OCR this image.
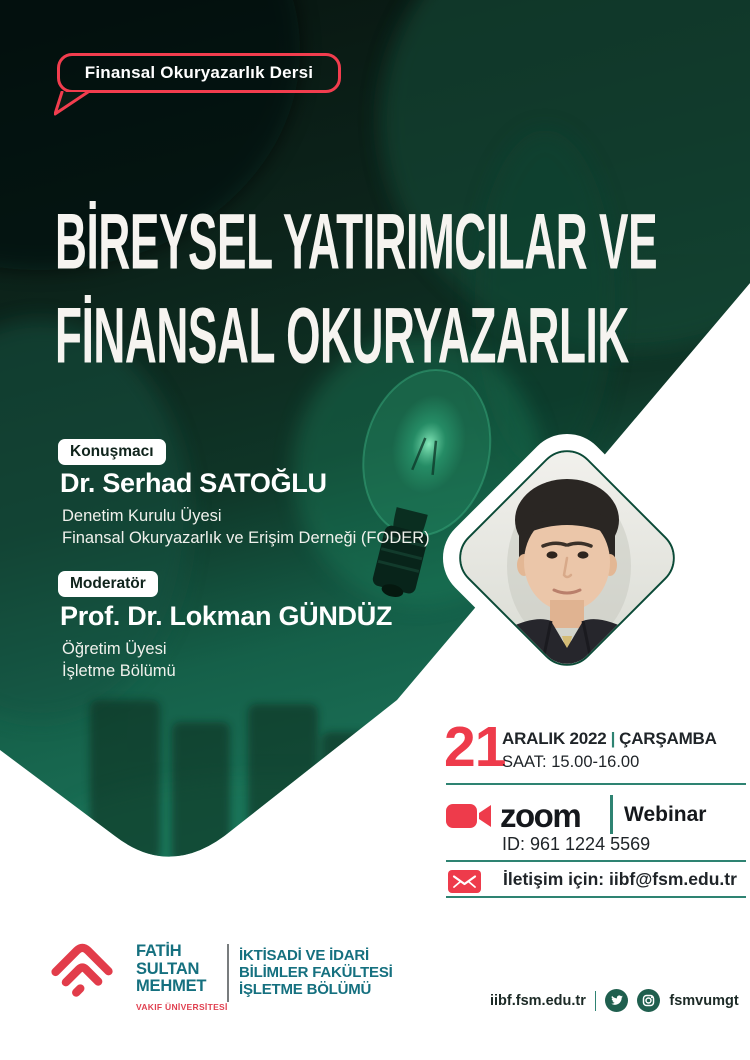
Finansal Okuryazarlık Dersi
BİREYSEL YATIRIMCILAR VE
FİNANSAL OKURYAZARLIK
Konuşmacı
Dr. Serhad SATOĞLU
Denetim Kurulu Üyesi
Finansal Okuryazarlık ve Erişim Derneği (FODER)
Moderatör
Prof. Dr. Lokman GÜNDÜZ
Öğretim Üyesi
İşletme Bölümü
21
ARALIK 2022 | ÇARŞAMBA
SAAT: 15.00-16.00
zoom Webinar
ID: 961 1224 5569
İletişim için: iibf@fsm.edu.tr
FATİH
SULTAN
MEHMET
VAKIF ÜNİVERSİTESİ
İKTİSADİ VE İDARİ
BİLİMLER FAKÜLTESİ
İŞLETME BÖLÜMÜ
iibf.fsm.edu.tr	fsmvumgt
